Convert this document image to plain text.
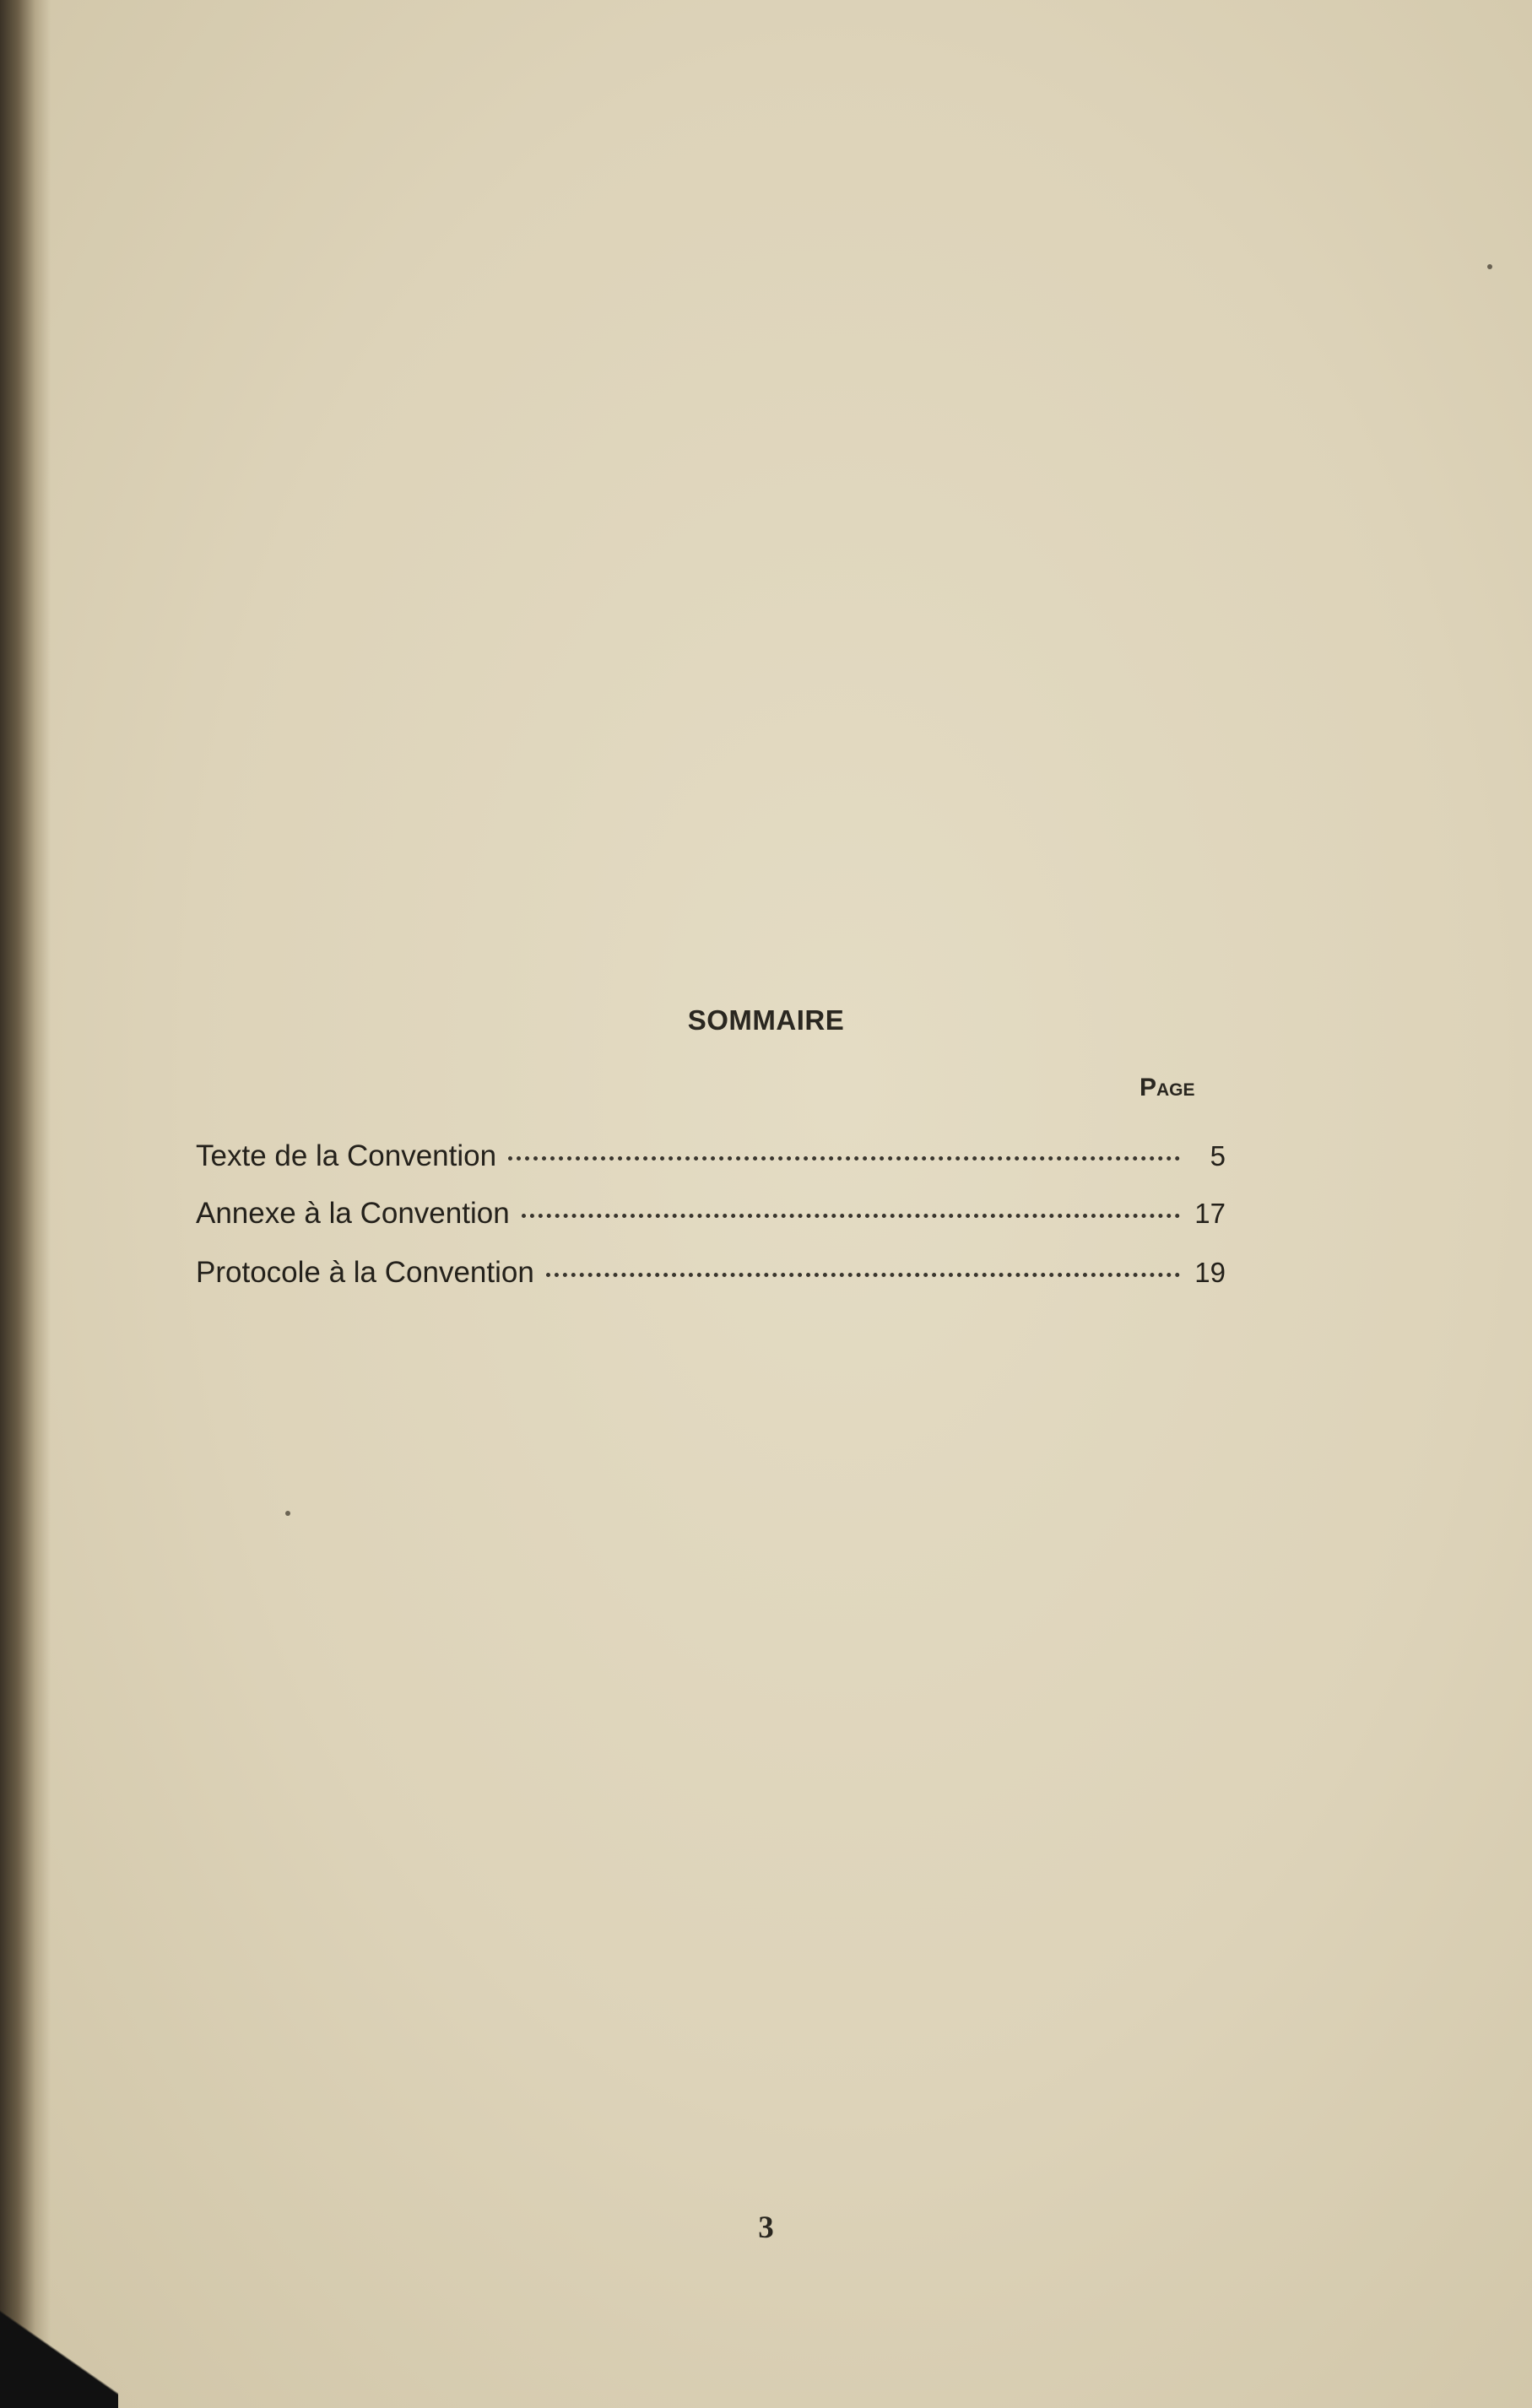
SOMMAIRE
Page
Texte de la Convention	5
Annexe à la Convention	17
Protocole à la Convention	19
3
